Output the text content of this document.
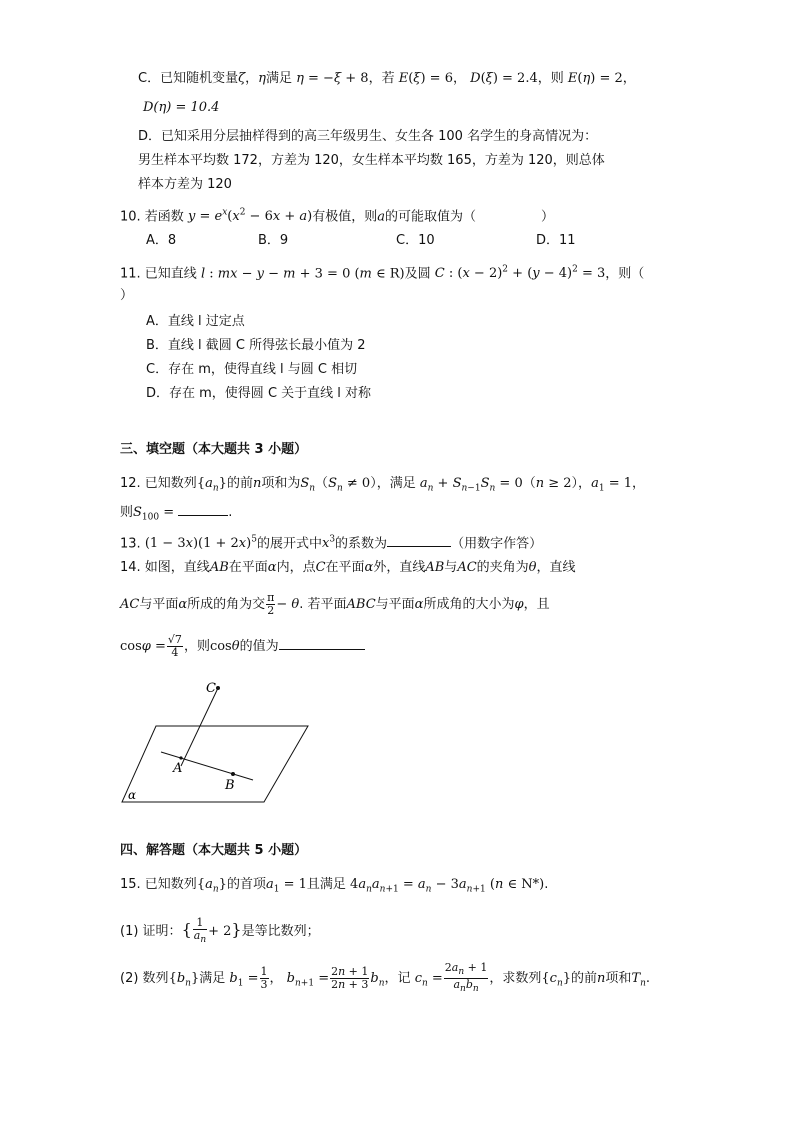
C．已知随机变量ζ，η满足 η = −ξ + 8，若 E(ξ) = 6， D(ξ) = 2.4，则 E(η) = 2，
D(η) = 10.4
D．已知采用分层抽样得到的高三年级男生、女生各 100 名学生的身高情况为：
男生样本平均数 172，方差为 120，女生样本平均数 165，方差为 120，则总体
样本方差为 120
10. 若函数 $y = e^x(x^2 - 6x + a)$有极值，则a的可能取值为（　　　　　）
A．8	B．9	C．10	D．11
11. 已知直线 l : mx − y − m + 3 = 0 (m ∈ R)及圆 C : $(x - 2)^2 + (y - 4)^2 = 3$，则（
）
A．直线 l 过定点
B．直线 l 截圆 C 所得弦长最小值为 2
C．存在 m，使得直线 l 与圆 C 相切
D．存在 m，使得圆 C 关于直线 l 对称
三、填空题（本大题共 3 小题）
12. 已知数列$\{a_n\}$的前n项和为$S_n(S_n \ne 0)$，满足 $a_n + S_{n-1}S_n = 0(n \ge 2)$，$a_1 = 1$，
则$S_{100}$ =	.
13. $(1 - 3x)(1 + 2x)^5$的展开式中$x^3$的系数为	（用数字作答）
14. 如图，直线AB在平面α内，点C在平面α外，直线AB与AC的夹角为θ，直线
AC与平面α所成的角为交 $\frac{\pi}{2} - \theta$. 若平面ABC与平面α所成角的大小为φ，且
$\cos\varphi = \frac{√7}{4}$ ，则cosθ的值为
C
A
B
α
四、解答题（本大题共 5 小题）
15. 已知数列$\{a_n\}$的首项$a_1 = 1$且满足 $4a_na_{n+1} = a_n - 3a_{n+1}$ (n ∈ N*).
(1) 证明：{ $\frac{1}{a_n} + 2$}是等比数列；
(2) 数列$\{b_n\}$满足 $b_1 = \frac{1}{3}$ ， $b_{n+1} = \frac{2n + 1}{2n + 3} b_n$，记 $c_n = \frac{2a_n + 1}{a_nb_n}$ ，求数列$\{c_n\}$的前n项和$T_n$.
